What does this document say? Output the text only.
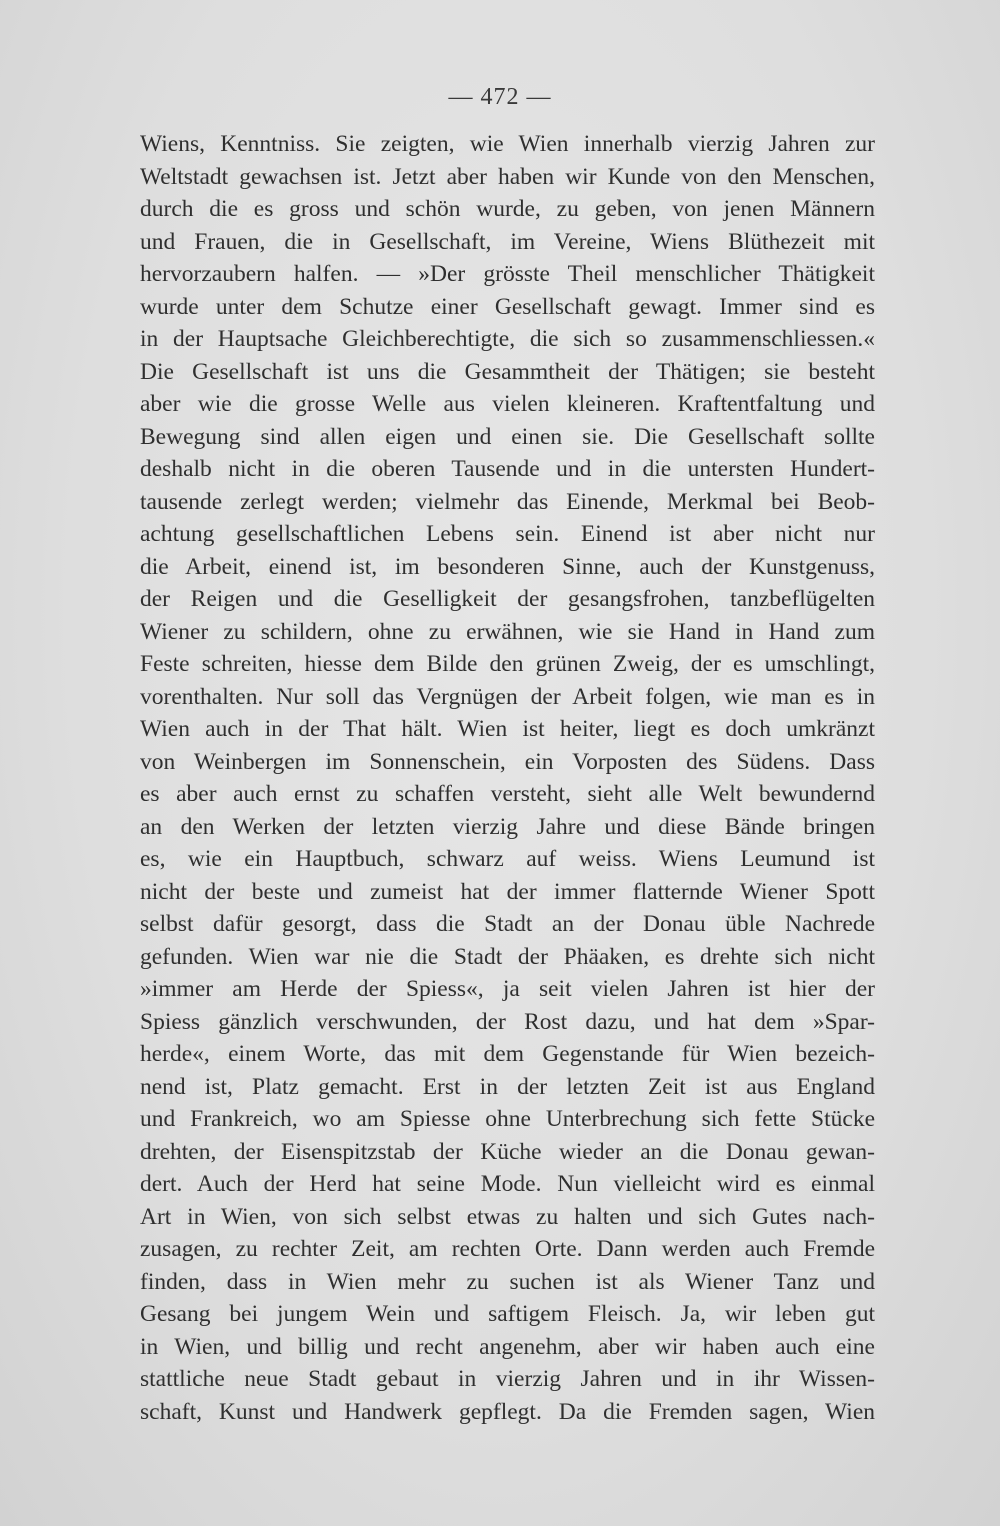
— 472 —
Wiens, Kenntniss. Sie zeigten, wie Wien innerhalb vierzig Jahren zur
Weltstadt gewachsen ist. Jetzt aber haben wir Kunde von den Menschen,
durch die es gross und schön wurde, zu geben, von jenen Männern
und Frauen, die in Gesellschaft, im Vereine, Wiens Blüthezeit mit
hervorzaubern halfen. — »Der grösste Theil menschlicher Thätigkeit
wurde unter dem Schutze einer Gesellschaft gewagt. Immer sind es
in der Hauptsache Gleichberechtigte, die sich so zusammenschliessen.«
Die Gesellschaft ist uns die Gesammtheit der Thätigen; sie besteht
aber wie die grosse Welle aus vielen kleineren. Kraftentfaltung und
Bewegung sind allen eigen und einen sie. Die Gesellschaft sollte
deshalb nicht in die oberen Tausende und in die untersten Hundert-
tausende zerlegt werden; vielmehr das Einende, Merkmal bei Beob-
achtung gesellschaftlichen Lebens sein. Einend ist aber nicht nur
die Arbeit, einend ist, im besonderen Sinne, auch der Kunstgenuss,
der Reigen und die Geselligkeit der gesangsfrohen, tanzbeflügelten
Wiener zu schildern, ohne zu erwähnen, wie sie Hand in Hand zum
Feste schreiten, hiesse dem Bilde den grünen Zweig, der es umschlingt,
vorenthalten. Nur soll das Vergnügen der Arbeit folgen, wie man es in
Wien auch in der That hält. Wien ist heiter, liegt es doch umkränzt
von Weinbergen im Sonnenschein, ein Vorposten des Südens. Dass
es aber auch ernst zu schaffen versteht, sieht alle Welt bewundernd
an den Werken der letzten vierzig Jahre und diese Bände bringen
es, wie ein Hauptbuch, schwarz auf weiss. Wiens Leumund ist
nicht der beste und zumeist hat der immer flatternde Wiener Spott
selbst dafür gesorgt, dass die Stadt an der Donau üble Nachrede
gefunden. Wien war nie die Stadt der Phäaken, es drehte sich nicht
»immer am Herde der Spiess«, ja seit vielen Jahren ist hier der
Spiess gänzlich verschwunden, der Rost dazu, und hat dem »Spar-
herde«, einem Worte, das mit dem Gegenstande für Wien bezeich-
nend ist, Platz gemacht. Erst in der letzten Zeit ist aus England
und Frankreich, wo am Spiesse ohne Unterbrechung sich fette Stücke
drehten, der Eisenspitzstab der Küche wieder an die Donau gewan-
dert. Auch der Herd hat seine Mode. Nun vielleicht wird es einmal
Art in Wien, von sich selbst etwas zu halten und sich Gutes nach-
zusagen, zu rechter Zeit, am rechten Orte. Dann werden auch Fremde
finden, dass in Wien mehr zu suchen ist als Wiener Tanz und
Gesang bei jungem Wein und saftigem Fleisch. Ja, wir leben gut
in Wien, und billig und recht angenehm, aber wir haben auch eine
stattliche neue Stadt gebaut in vierzig Jahren und in ihr Wissen-
schaft, Kunst und Handwerk gepflegt. Da die Fremden sagen, Wien
